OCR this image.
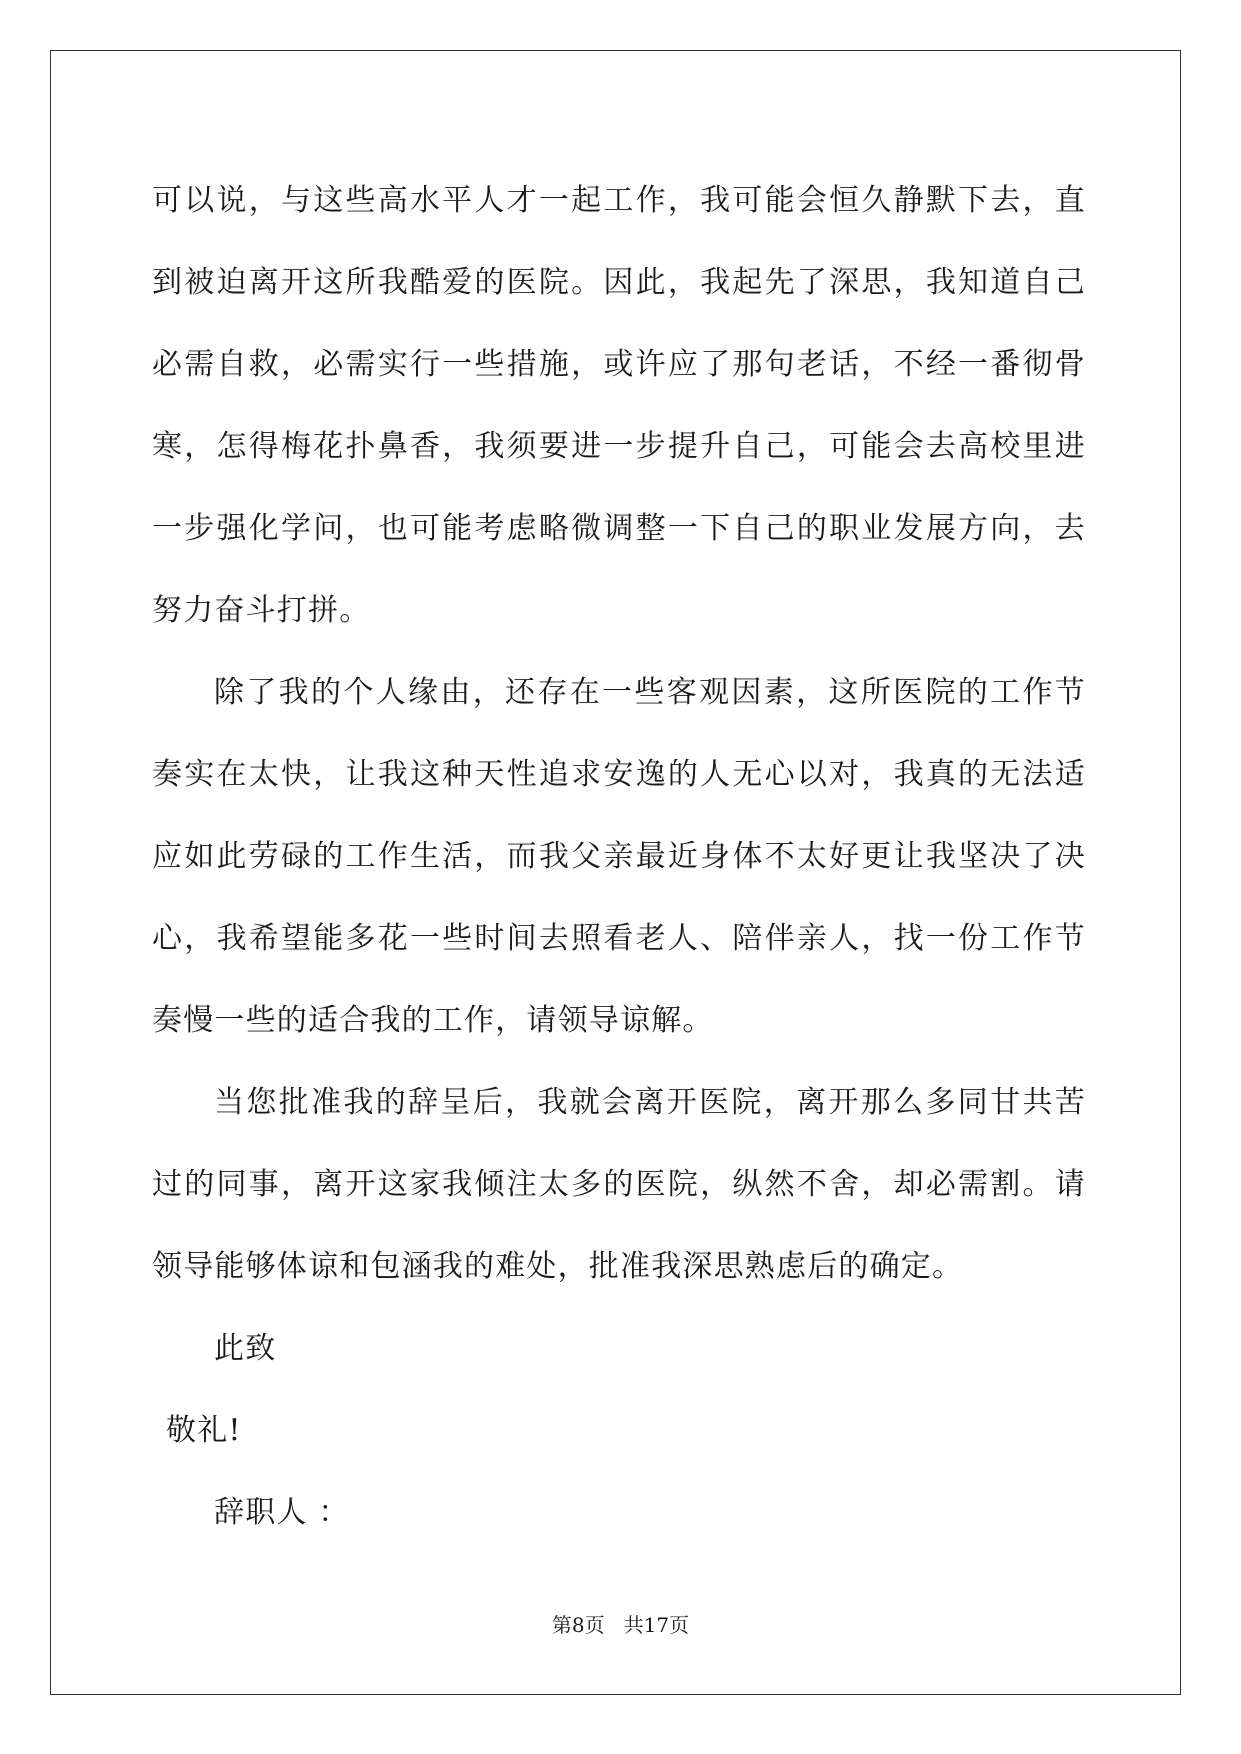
可以说，与这些高水平人才一起工作，我可能会恒久静默下去，直到被迫离开这所我酷爱的医院。因此，我起先了深思，我知道自己必需自救，必需实行一些措施，或许应了那句老话，不经一番彻骨寒，怎得梅花扑鼻香，我须要进一步提升自己，可能会去高校里进一步强化学问，也可能考虑略微调整一下自己的职业发展方向，去努力奋斗打拼。

除了我的个人缘由，还存在一些客观因素，这所医院的工作节奏实在太快，让我这种天性追求安逸的人无心以对，我真的无法适应如此劳碌的工作生活，而我父亲最近身体不太好更让我坚决了决心，我希望能多花一些时间去照看老人、陪伴亲人，找一份工作节奏慢一些的适合我的工作，请领导谅解。

当您批准我的辞呈后，我就会离开医院，离开那么多同甘共苦过的同事，离开这家我倾注太多的医院，纵然不舍，却必需割。请领导能够体谅和包涵我的难处，批准我深思熟虑后的确定。

此致

敬礼!

辞职人 ：

第8页   共17页
